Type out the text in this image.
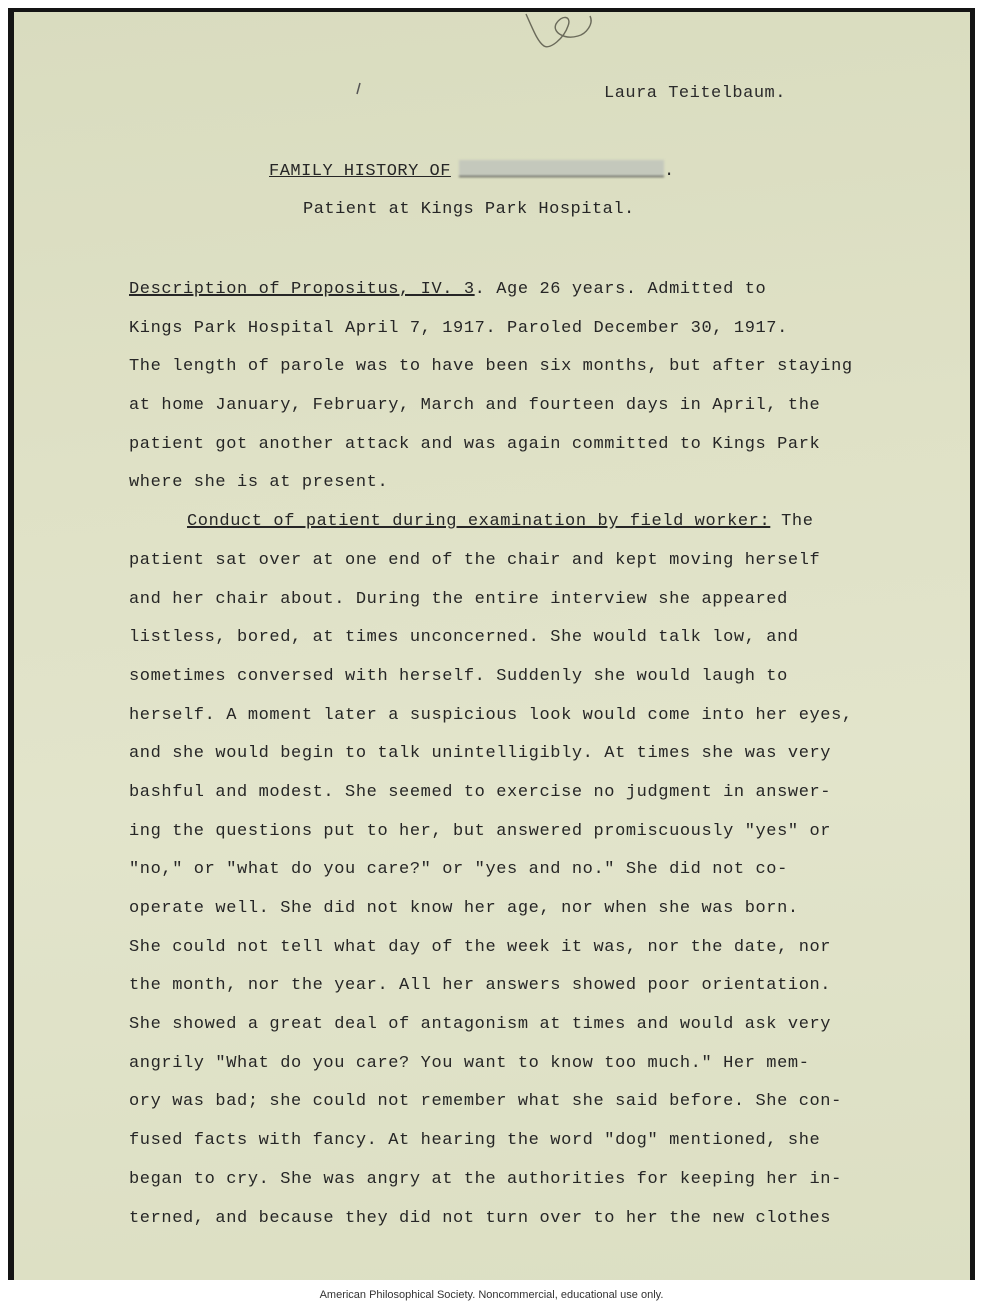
Laura Teitelbaum.
FAMILY HISTORY OF	.
Patient at Kings Park Hospital.
Description of Propositus, IV. 3. Age 26 years. Admitted to
Kings Park Hospital April 7, 1917. Paroled December 30, 1917.
The length of parole was to have been six months, but after staying
at home January, February, March and fourteen days in April, the
patient got another attack and was again committed to Kings Park
where she is at present.
Conduct of patient during examination by field worker: The
patient sat over at one end of the chair and kept moving herself
and her chair about. During the entire interview she appeared
listless, bored, at times unconcerned. She would talk low, and
sometimes conversed with herself. Suddenly she would laugh to
herself. A moment later a suspicious look would come into her eyes,
and she would begin to talk unintelligibly. At times she was very
bashful and modest. She seemed to exercise no judgment in answer-
ing the questions put to her, but answered promiscuously "yes" or
"no," or "what do you care?" or "yes and no." She did not co-
operate well. She did not know her age, nor when she was born.
She could not tell what day of the week it was, nor the date, nor
the month, nor the year. All her answers showed poor orientation.
She showed a great deal of antagonism at times and would ask very
angrily "What do you care? You want to know too much." Her mem-
ory was bad; she could not remember what she said before. She con-
fused facts with fancy. At hearing the word "dog" mentioned, she
began to cry. She was angry at the authorities for keeping her in-
terned, and because they did not turn over to her the new clothes
American Philosophical Society. Noncommercial, educational use only.
